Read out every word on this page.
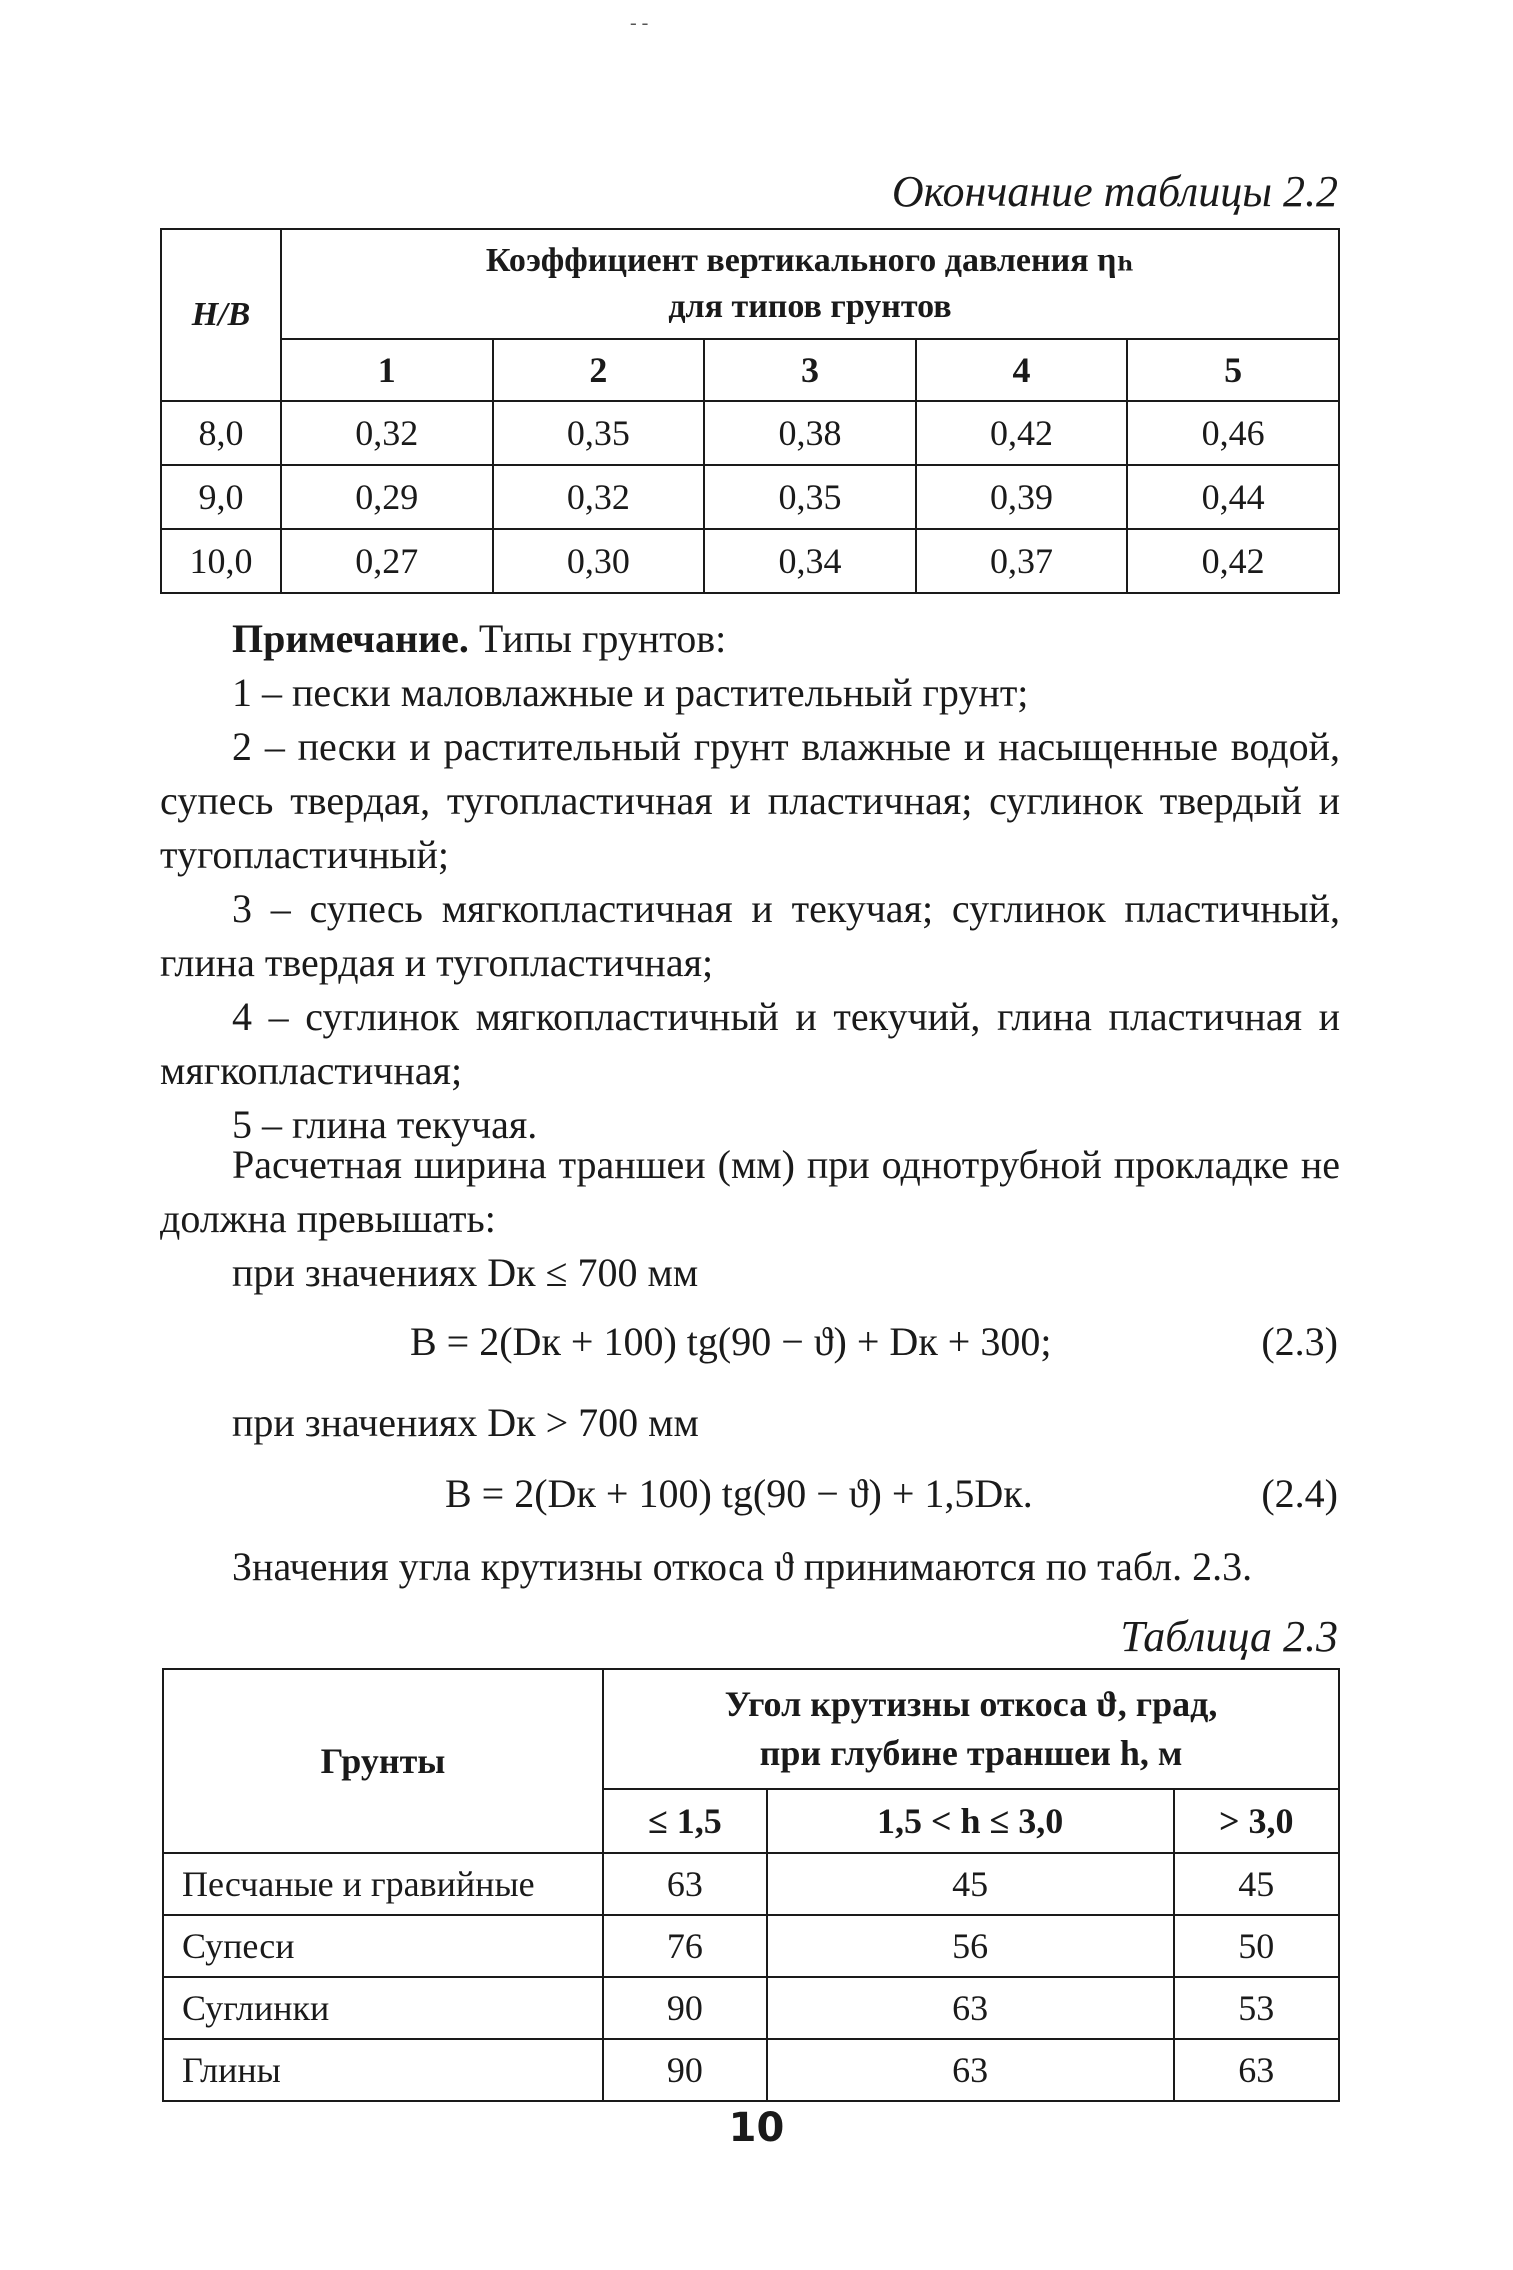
- -
Окончание таблицы 2.2
H/B	Коэффициент вертикального давления ηₕ
для типов грунтов				

	1	2	3	4	5
8,0	0,32	0,35	0,38	0,42	0,46
9,0	0,29	0,32	0,35	0,39	0,44
10,0	0,27	0,30	0,34	0,37	0,42

Примечание. Типы грунтов:

1 – пески маловлажные и растительный грунт;

2 – пески и растительный грунт влажные и насыщенные водой, супесь твердая, тугопластичная и пластичная; суглинок твердый и тугопластичный;

3 – супесь мягкопластичная и текучая; суглинок пластичный, глина твердая и тугопластичная;

4 – суглинок мягкопластичный и текучий, глина пластичная и мягкопластичная;

5 – глина текучая.

Расчетная ширина траншеи (мм) при однотрубной прокладке не должна превышать:

при значениях Dк ≤ 700 мм

B = 2(Dк + 100) tg(90 − ϑ) + Dк + 300;	(2.3)

при значениях Dк > 700 мм

B = 2(Dк + 100) tg(90 − ϑ) + 1,5Dк.	(2.4)

Значения угла крутизны откоса ϑ принимаются по табл. 2.3.

Таблица 2.3
Грунты	Угол крутизны откоса ϑ, град,
при глубине траншеи h, м		

	≤ 1,5	1,5 < h ≤ 3,0	> 3,0
Песчаные и гравийные	63	45	45
Супеси	76	56	50
Суглинки	90	63	53
Глины	90	63	63
10
